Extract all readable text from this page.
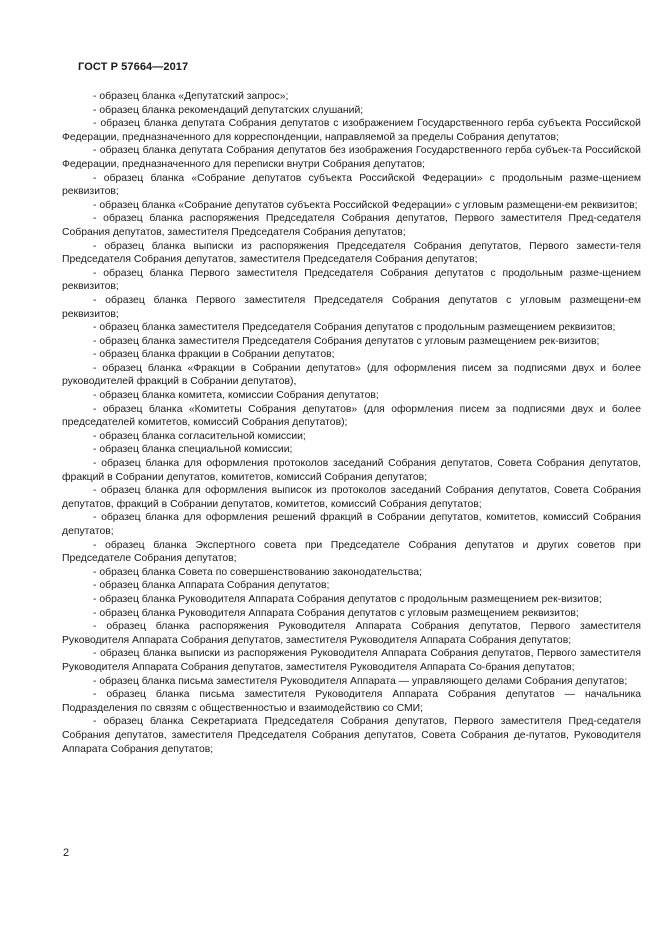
ГОСТ Р 57664—2017

- образец бланка «Депутатский запрос»;

- образец бланка рекомендаций депутатских слушаний;

- образец бланка депутата Собрания депутатов с изображением Государственного герба субъекта Российской Федерации, предназначенного для корреспонденции, направляемой за пределы Собрания депутатов;

- образец бланка депутата Собрания депутатов без изображения Государственного герба субъек-та Российской Федерации, предназначенного для переписки внутри Собрания депутатов;

- образец бланка «Собрание депутатов субъекта Российской Федерации» с продольным разме-щением реквизитов;

- образец бланка «Собрание депутатов субъекта Российской Федерации» с угловым размещени-ем реквизитов;

- образец бланка распоряжения Председателя Собрания депутатов, Первого заместителя Пред-седателя Собрания депутатов, заместителя Председателя Собрания депутатов;

- образец бланка выписки из распоряжения Председателя Собрания депутатов, Первого замести-теля Председателя Собрания депутатов, заместителя Председателя Собрания депутатов;

- образец бланка Первого заместителя Председателя Собрания депутатов с продольным разме-щением реквизитов;

- образец бланка Первого заместителя Председателя Собрания депутатов с угловым размещени-ем реквизитов;

- образец бланка заместителя Председателя Собрания депутатов с продольным размещением реквизитов;

- образец бланка заместителя Председателя Собрания депутатов с угловым размещением рек-визитов;

- образец бланка фракции в Собрании депутатов;

- образец бланка «Фракции в Собрании депутатов» (для оформления писем за подписями двух и более руководителей фракций в Собрании депутатов),

- образец бланка комитета, комиссии Собрания депутатов;

- образец бланка «Комитеты Собрания депутатов» (для оформления писем за подписями двух и более председателей комитетов, комиссий Собрания депутатов);

- образец бланка согласительной комиссии;

- образец бланка специальной комиссии;

- образец бланка для оформления протоколов заседаний Собрания депутатов, Совета Собрания депутатов, фракций в Собрании депутатов, комитетов, комиссий Собрания депутатов;

- образец бланка для оформления выписок из протоколов заседаний Собрания депутатов, Совета Собрания депутатов, фракций в Собрании депутатов, комитетов, комиссий Собрания депутатов;

- образец бланка для оформления решений фракций в Собрании депутатов, комитетов, комиссий Собрания депутатов;

- образец бланка Экспертного совета при Председателе Собрания депутатов и других советов при Председателе Собрания депутатов;

- образец бланка Совета по совершенствованию законодательства;

- образец бланка Аппарата Собрания депутатов;

- образец бланка Руководителя Аппарата Собрания депутатов с продольным размещением рек-визитов;

- образец бланка Руководителя Аппарата Собрания депутатов с угловым размещением реквизитов;

- образец бланка распоряжения Руководителя Аппарата Собрания депутатов, Первого заместителя Руководителя Аппарата Собрания депутатов, заместителя Руководителя Аппарата Собрания депутатов;

- образец бланка выписки из распоряжения Руководителя Аппарата Собрания депутатов, Первого заместителя Руководителя Аппарата Собрания депутатов, заместителя Руководителя Аппарата Со-брания депутатов;

- образец бланка письма заместителя Руководителя Аппарата — управляющего делами Собрания депутатов;

- образец бланка письма заместителя Руководителя Аппарата Собрания депутатов — начальника Подразделения по связям с общественностью и взаимодействию со СМИ;

- образец бланка Секретариата Председателя Собрания депутатов, Первого заместителя Пред-седателя Собрания депутатов, заместителя Председателя Собрания депутатов, Совета Собрания де-путатов, Руководителя Аппарата Собрания депутатов;

2
